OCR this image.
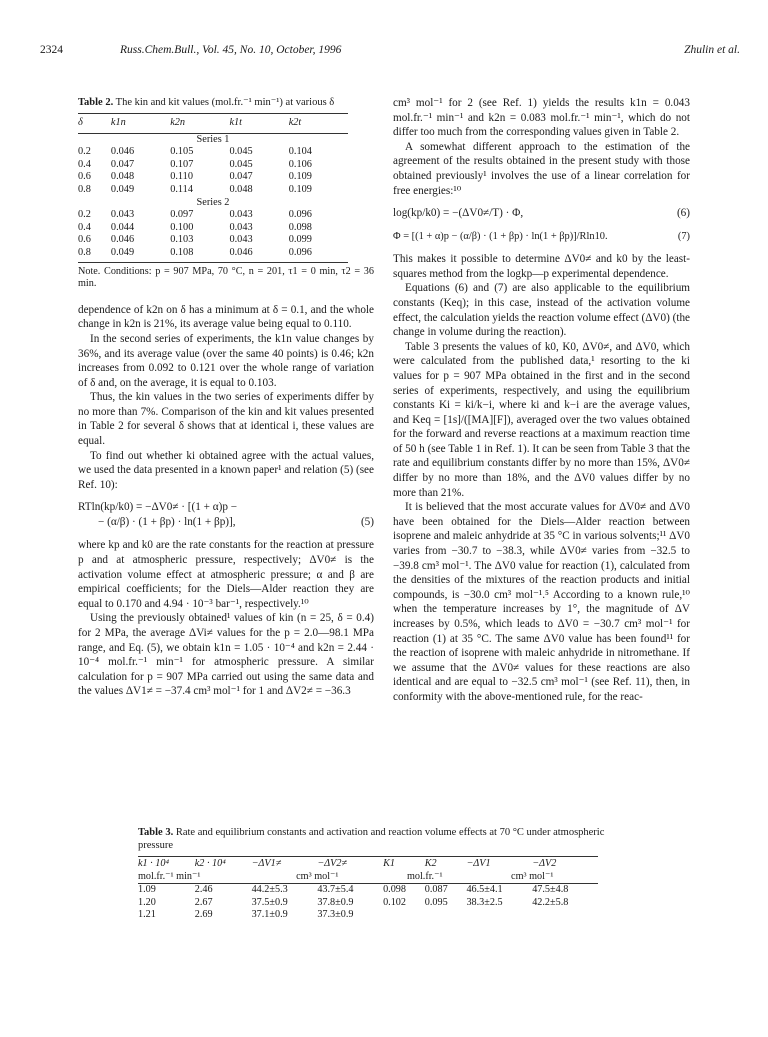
2324	Russ.Chem.Bull., Vol. 45, No. 10, October, 1996	Zhulin et al.
Table 2. The kin and kit values (mol.fr.⁻¹ min⁻¹) at various δ
δ	k1n	k2n	k1t	k2t
Series 1				
0.2	0.046	0.105	0.045	0.104
0.4	0.047	0.107	0.045	0.106
0.6	0.048	0.110	0.047	0.109
0.8	0.049	0.114	0.048	0.109
Series 2				
0.2	0.043	0.097	0.043	0.096
0.4	0.044	0.100	0.043	0.098
0.6	0.046	0.103	0.043	0.099
0.8	0.049	0.108	0.046	0.096
Note. Conditions: p = 907 MPa, 70 °C, n = 201, τ1 = 0 min, τ2 = 36 min.

dependence of k2n on δ has a minimum at δ = 0.1, and the whole change in k2n is 21%, its average value being equal to 0.110.

In the second series of experiments, the k1n value changes by 36%, and its average value (over the same 40 points) is 0.46; k2n increases from 0.092 to 0.121 over the whole range of variation of δ and, on the average, it is equal to 0.103.

Thus, the kin values in the two series of experiments differ by no more than 7%. Comparison of the kin and kit values presented in Table 2 for several δ shows that at identical i, these values are equal.

To find out whether ki obtained agree with the actual values, we used the data presented in a known paper¹ and relation (5) (see Ref. 10):

RTln(kp/k0) = −ΔV0≠ · [(1 + α)p −
− (α/β) · (1 + βp) · ln(1 + βp)],	(5)

where kp and k0 are the rate constants for the reaction at pressure p and at atmospheric pressure, respectively; ΔV0≠ is the activation volume effect at atmospheric pressure; α and β are empirical coefficients; for the Diels—Alder reaction they are equal to 0.170 and 4.94 · 10⁻³ bar⁻¹, respectively.¹⁰

Using the previously obtained¹ values of kin (n = 25, δ = 0.4) for 2 MPa, the average ΔVi≠ values for the p = 2.0—98.1 MPa range, and Eq. (5), we obtain k1n = 1.05 · 10⁻⁴ and k2n = 2.44 · 10⁻⁴ mol.fr.⁻¹ min⁻¹ for atmospheric pressure. A similar calculation for p = 907 MPa carried out using the same data and the values ΔV1≠ = −37.4 cm³ mol⁻¹ for 1 and ΔV2≠ = −36.3

cm³ mol⁻¹ for 2 (see Ref. 1) yields the results k1n = 0.043 mol.fr.⁻¹ min⁻¹ and k2n = 0.083 mol.fr.⁻¹ min⁻¹, which do not differ too much from the corresponding values given in Table 2.

A somewhat different approach to the estimation of the agreement of the results obtained in the present study with those obtained previously¹ involves the use of a linear correlation for free energies:¹⁰

log(kp/k0) = −(ΔV0≠/T) · Φ,	(6)
Φ = [(1 + α)p − (α/β) · (1 + βp) · ln(1 + βp)]/Rln10.	(7)

This makes it possible to determine ΔV0≠ and k0 by the least-squares method from the logkp—p experimental dependence.

Equations (6) and (7) are also applicable to the equilibrium constants (Keq); in this case, instead of the activation volume effect, the calculation yields the reaction volume effect (ΔV0) (the change in volume during the reaction).

Table 3 presents the values of k0, K0, ΔV0≠, and ΔV0, which were calculated from the published data,¹ resorting to the ki values for p = 907 MPa obtained in the first and in the second series of experiments, respectively, and using the equilibrium constants Ki = ki/k−i, where ki and k−i are the average values, and Keq = [1s]/([MA][F]), averaged over the two values obtained for the forward and reverse reactions at a maximum reaction time of 50 h (see Table 1 in Ref. 1). It can be seen from Table 3 that the rate and equilibrium constants differ by no more than 15%, ΔV0≠ differ by no more than 18%, and the ΔV0 values differ by no more than 21%.

It is believed that the most accurate values for ΔV0≠ and ΔV0 have been obtained for the Diels—Alder reaction between isoprene and maleic anhydride at 35 °C in various solvents;¹¹ ΔV0 varies from −30.7 to −38.3, while ΔV0≠ varies from −32.5 to −39.8 cm³ mol⁻¹. The ΔV0 value for reaction (1), calculated from the densities of the mixtures of the reaction products and initial compounds, is −30.0 cm³ mol⁻¹.⁵ According to a known rule,¹⁰ when the temperature increases by 1°, the magnitude of ΔV increases by 0.5%, which leads to ΔV0 = −30.7 cm³ mol⁻¹ for reaction (1) at 35 °C. The same ΔV0 value has been found¹¹ for the reaction of isoprene with maleic anhydride in nitromethane. If we assume that the ΔV0≠ values for these reactions are also identical and are equal to −32.5 cm³ mol⁻¹ (see Ref. 11), then, in conformity with the above-mentioned rule, for the reac-

Table 3. Rate and equilibrium constants and activation and reaction volume effects at 70 °C under atmospheric pressure
k1 · 10⁴	k2 · 10⁴	−ΔV1≠	−ΔV2≠	K1	K2	−ΔV1	−ΔV2
mol.fr.⁻¹ min⁻¹		cm³ mol⁻¹		mol.fr.⁻¹		cm³ mol⁻¹	
1.09	2.46	44.2±5.3	43.7±5.4	0.098	0.087	46.5±4.1	47.5±4.8
1.20	2.67	37.5±0.9	37.8±0.9	0.102	0.095	38.3±2.5	42.2±5.8
1.21	2.69	37.1±0.9	37.3±0.9				
